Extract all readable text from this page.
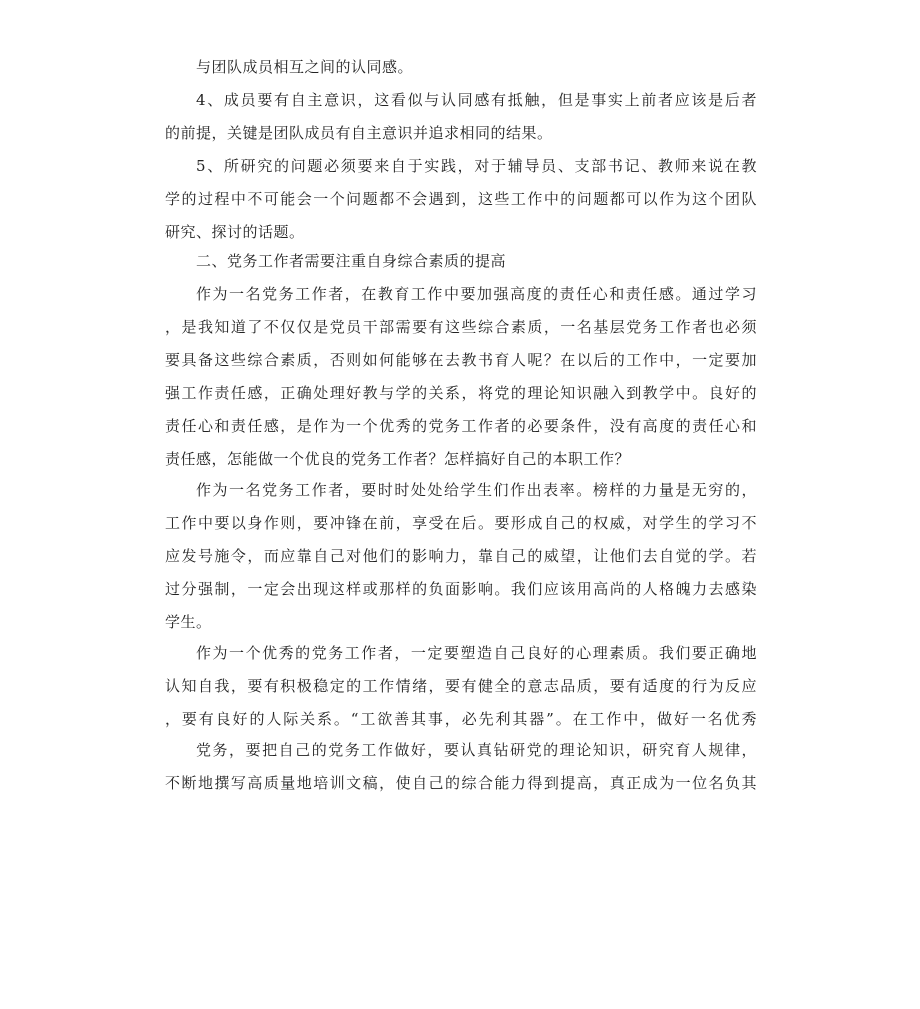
与团队成员相互之间的认同感。
4、成员要有自主意识，这看似与认同感有抵触，但是事实上前者应该是后者
的前提，关键是团队成员有自主意识并追求相同的结果。
5、所研究的问题必须要来自于实践，对于辅导员、支部书记、教师来说在教
学的过程中不可能会一个问题都不会遇到，这些工作中的问题都可以作为这个团队
研究、探讨的话题。
二、党务工作者需要注重自身综合素质的提高
作为一名党务工作者，在教育工作中要加强高度的责任心和责任感。通过学习
，是我知道了不仅仅是党员干部需要有这些综合素质，一名基层党务工作者也必须
要具备这些综合素质，否则如何能够在去教书育人呢？在以后的工作中，一定要加
强工作责任感，正确处理好教与学的关系，将党的理论知识融入到教学中。良好的
责任心和责任感，是作为一个优秀的党务工作者的必要条件，没有高度的责任心和
责任感，怎能做一个优良的党务工作者？怎样搞好自己的本职工作？
作为一名党务工作者，要时时处处给学生们作出表率。榜样的力量是无穷的，
工作中要以身作则，要冲锋在前，享受在后。要形成自己的权威，对学生的学习不
应发号施令，而应靠自己对他们的影响力，靠自己的威望，让他们去自觉的学。若
过分强制，一定会出现这样或那样的负面影响。我们应该用高尚的人格魄力去感染
学生。
作为一个优秀的党务工作者，一定要塑造自己良好的心理素质。我们要正确地
认知自我，要有积极稳定的工作情绪，要有健全的意志品质，要有适度的行为反应
，要有良好的人际关系。“工欲善其事，必先利其器”。在工作中，做好一名优秀
党务，要把自己的党务工作做好，要认真钻研党的理论知识，研究育人规律，
不断地撰写高质量地培训文稿，使自己的综合能力得到提高，真正成为一位名负其
